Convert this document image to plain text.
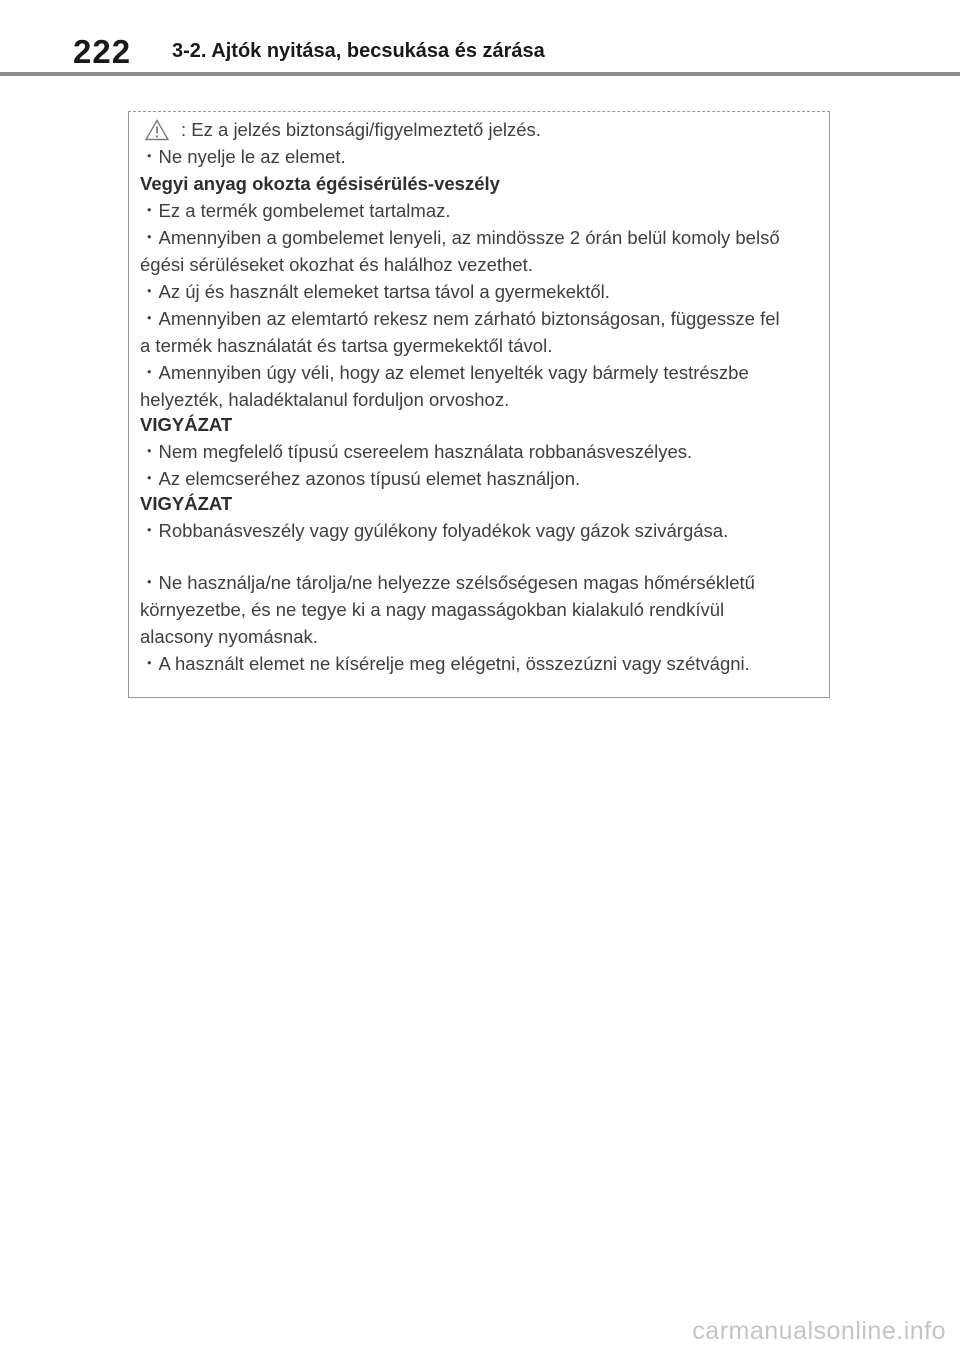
222 3-2. Ajtók nyitása, becsukása és zárása
: Ez a jelzés biztonsági/figyelmeztető jelzés.
・Ne nyelje le az elemet.
Vegyi anyag okozta égésisérülés-veszély
・Ez a termék gombelemet tartalmaz.
・Amennyiben a gombelemet lenyeli, az mindössze 2 órán belül komoly belső
égési sérüléseket okozhat és halálhoz vezethet.
・Az új és használt elemeket tartsa távol a gyermekektől.
・Amennyiben az elemtartó rekesz nem zárható biztonságosan, függessze fel
a termék használatát és tartsa gyermekektől távol.
・Amennyiben úgy véli, hogy az elemet lenyelték vagy bármely testrészbe
helyezték, haladéktalanul forduljon orvoshoz.
VIGYÁZAT
・Nem megfelelő típusú csereelem használata robbanásveszélyes.
・Az elemcseréhez azonos típusú elemet használjon.
VIGYÁZAT
・Robbanásveszély vagy gyúlékony folyadékok vagy gázok szivárgása.
・Ne használja/ne tárolja/ne helyezze szélsőségesen magas hőmérsékletű
környezetbe, és ne tegye ki a nagy magasságokban kialakuló rendkívül
alacsony nyomásnak.
・A használt elemet ne kísérelje meg elégetni, összezúzni vagy szétvágni.
carmanualsonline.info
